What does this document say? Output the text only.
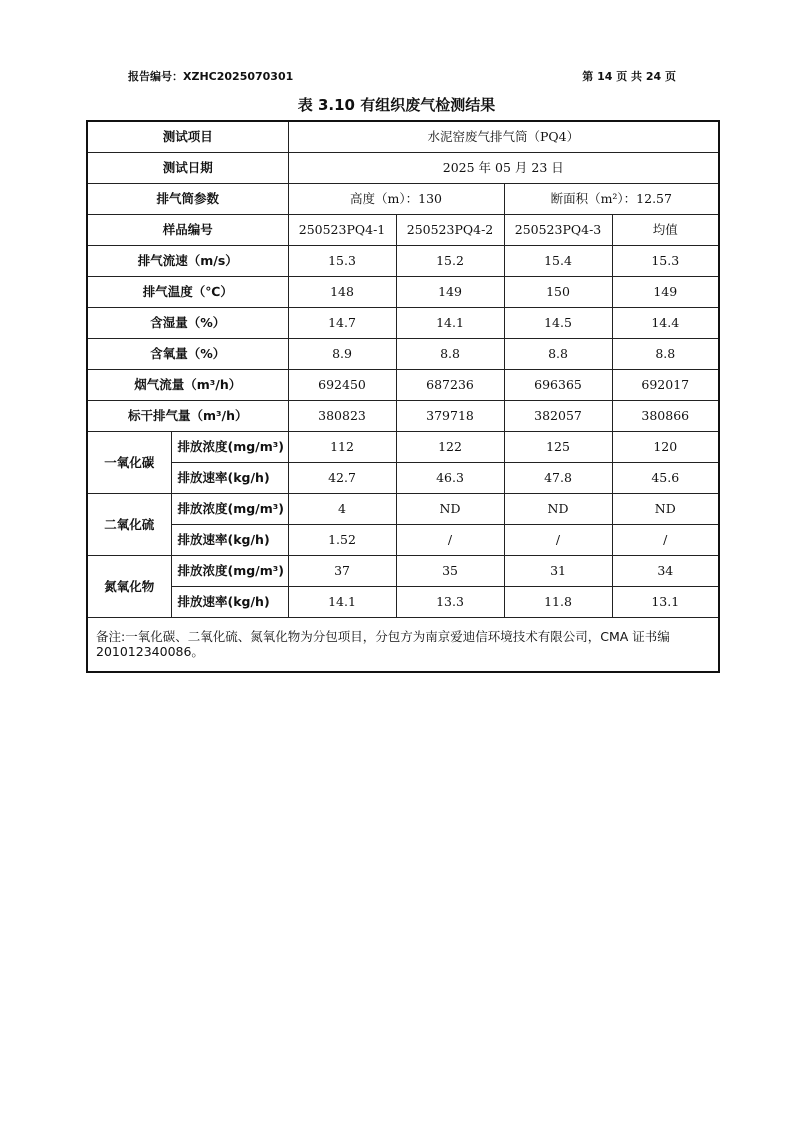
报告编号：XZHC2025070301	第 14 页 共 24 页
表 3.10 有组织废气检测结果
测试项目		水泥窑废气排气筒（PQ4）			
测试日期		2025 年 05 月 23 日			
排气筒参数		高度（m）：130		断面积（m²）：12.57	
样品编号		250523PQ4-1	250523PQ4-2	250523PQ4-3	均值
排气流速（m/s）		15.3	15.2	15.4	15.3
排气温度（℃）		148	149	150	149
含湿量（%）		14.7	14.1	14.5	14.4
含氧量（%）		8.9	8.8	8.8	8.8
烟气流量（m³/h）		692450	687236	696365	692017
标干排气量（m³/h）		380823	379718	382057	380866
一氧化碳	排放浓度(mg/m³)	112	122	125	120
	排放速率(kg/h)	42.7	46.3	47.8	45.6
二氧化硫	排放浓度(mg/m³)	4	ND	ND	ND
	排放速率(kg/h)	1.52	/	/	/
氮氧化物	排放浓度(mg/m³)	37	35	31	34
	排放速率(kg/h)	14.1	13.3	11.8	13.1
备注:一氧化碳、二氧化硫、氮氧化物为分包项目，分包方为南京爱迪信环境技术有限公司，CMA 证书编 201012340086。					
